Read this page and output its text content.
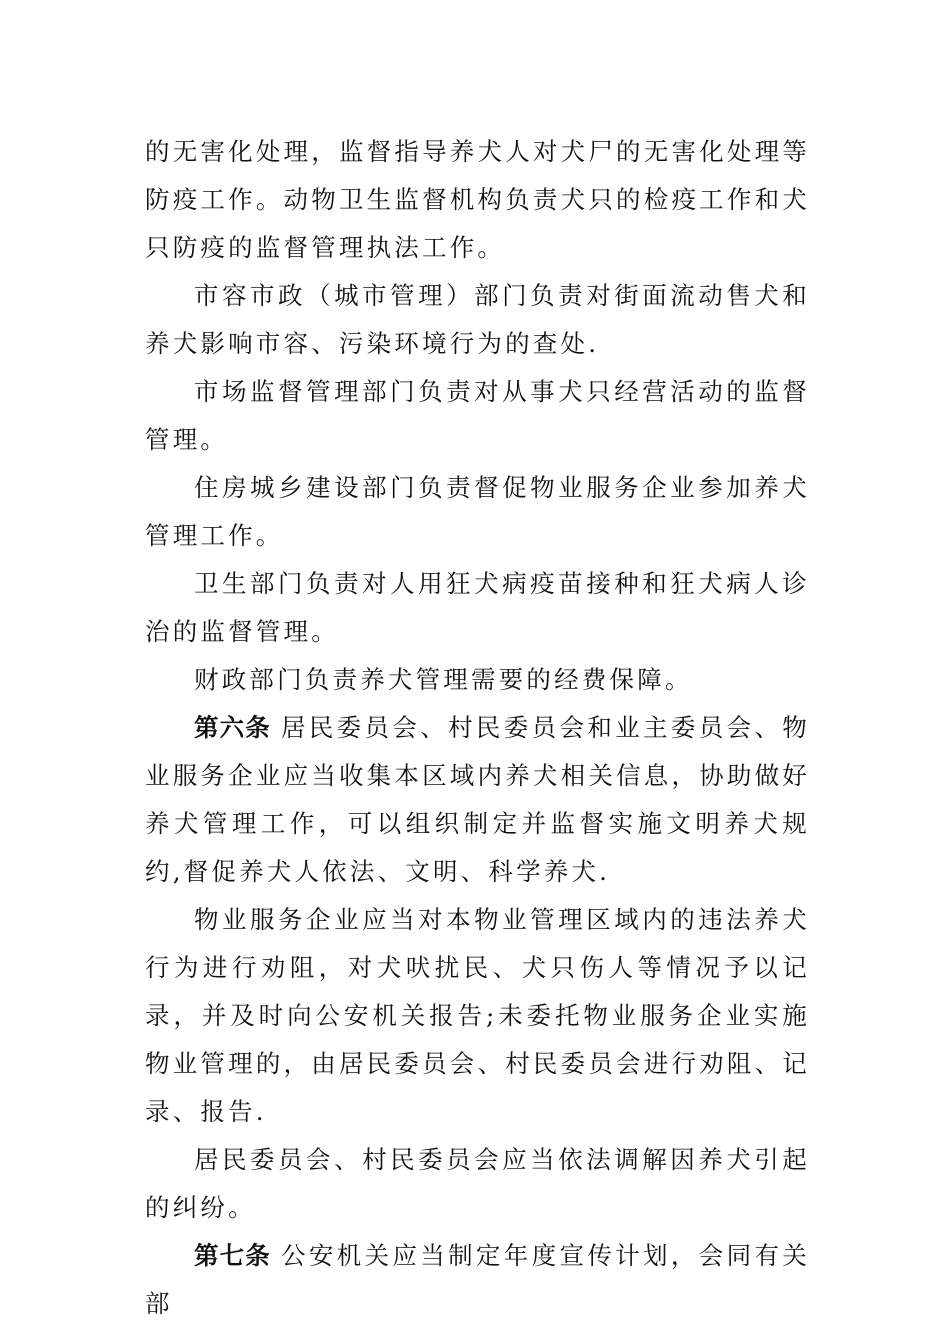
的无害化处理，监督指导养犬人对犬尸的无害化处理等防疫工作。动物卫生监督机构负责犬只的检疫工作和犬只防疫的监督管理执法工作。

市容市政（城市管理）部门负责对街面流动售犬和养犬影响市容、污染环境行为的查处.

市场监督管理部门负责对从事犬只经营活动的监督管理。

住房城乡建设部门负责督促物业服务企业参加养犬管理工作。

卫生部门负责对人用狂犬病疫苗接种和狂犬病人诊治的监督管理。

财政部门负责养犬管理需要的经费保障。

第六条 居民委员会、村民委员会和业主委员会、物业服务企业应当收集本区域内养犬相关信息，协助做好养犬管理工作，可以组织制定并监督实施文明养犬规约,督促养犬人依法、文明、科学养犬.

物业服务企业应当对本物业管理区域内的违法养犬行为进行劝阻，对犬吠扰民、犬只伤人等情况予以记录，并及时向公安机关报告;未委托物业服务企业实施物业管理的，由居民委员会、村民委员会进行劝阻、记录、报告.

居民委员会、村民委员会应当依法调解因养犬引起的纠纷。

第七条 公安机关应当制定年度宣传计划，会同有关部
